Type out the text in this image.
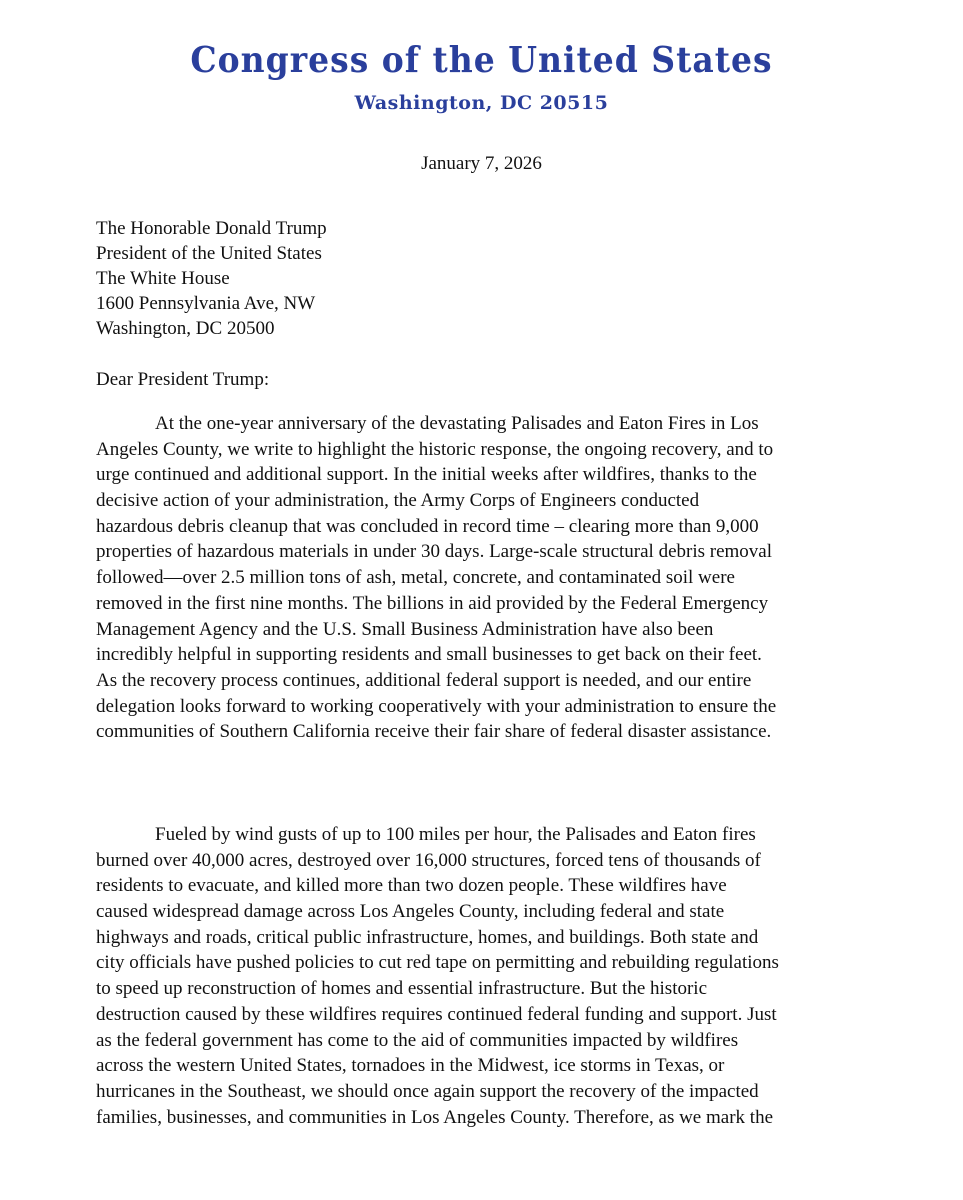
Congress of the United States
Washington, DC 20515
January 7, 2026
The Honorable Donald Trump
President of the United States
The White House
1600 Pennsylvania Ave, NW
Washington, DC 20500
Dear President Trump:
At the one-year anniversary of the devastating Palisades and Eaton Fires in Los
Angeles County, we write to highlight the historic response, the ongoing recovery, and to
urge continued and additional support. In the initial weeks after wildfires, thanks to the
decisive action of your administration, the Army Corps of Engineers conducted
hazardous debris cleanup that was concluded in record time – clearing more than 9,000
properties of hazardous materials in under 30 days. Large-scale structural debris removal
followed—over 2.5 million tons of ash, metal, concrete, and contaminated soil were
removed in the first nine months. The billions in aid provided by the Federal Emergency
Management Agency and the U.S. Small Business Administration have also been
incredibly helpful in supporting residents and small businesses to get back on their feet.
As the recovery process continues, additional federal support is needed, and our entire
delegation looks forward to working cooperatively with your administration to ensure the
communities of Southern California receive their fair share of federal disaster assistance.
Fueled by wind gusts of up to 100 miles per hour, the Palisades and Eaton fires
burned over 40,000 acres, destroyed over 16,000 structures, forced tens of thousands of
residents to evacuate, and killed more than two dozen people. These wildfires have
caused widespread damage across Los Angeles County, including federal and state
highways and roads, critical public infrastructure, homes, and buildings. Both state and
city officials have pushed policies to cut red tape on permitting and rebuilding regulations
to speed up reconstruction of homes and essential infrastructure. But the historic
destruction caused by these wildfires requires continued federal funding and support. Just
as the federal government has come to the aid of communities impacted by wildfires
across the western United States, tornadoes in the Midwest, ice storms in Texas, or
hurricanes in the Southeast, we should once again support the recovery of the impacted
families, businesses, and communities in Los Angeles County. Therefore, as we mark the
